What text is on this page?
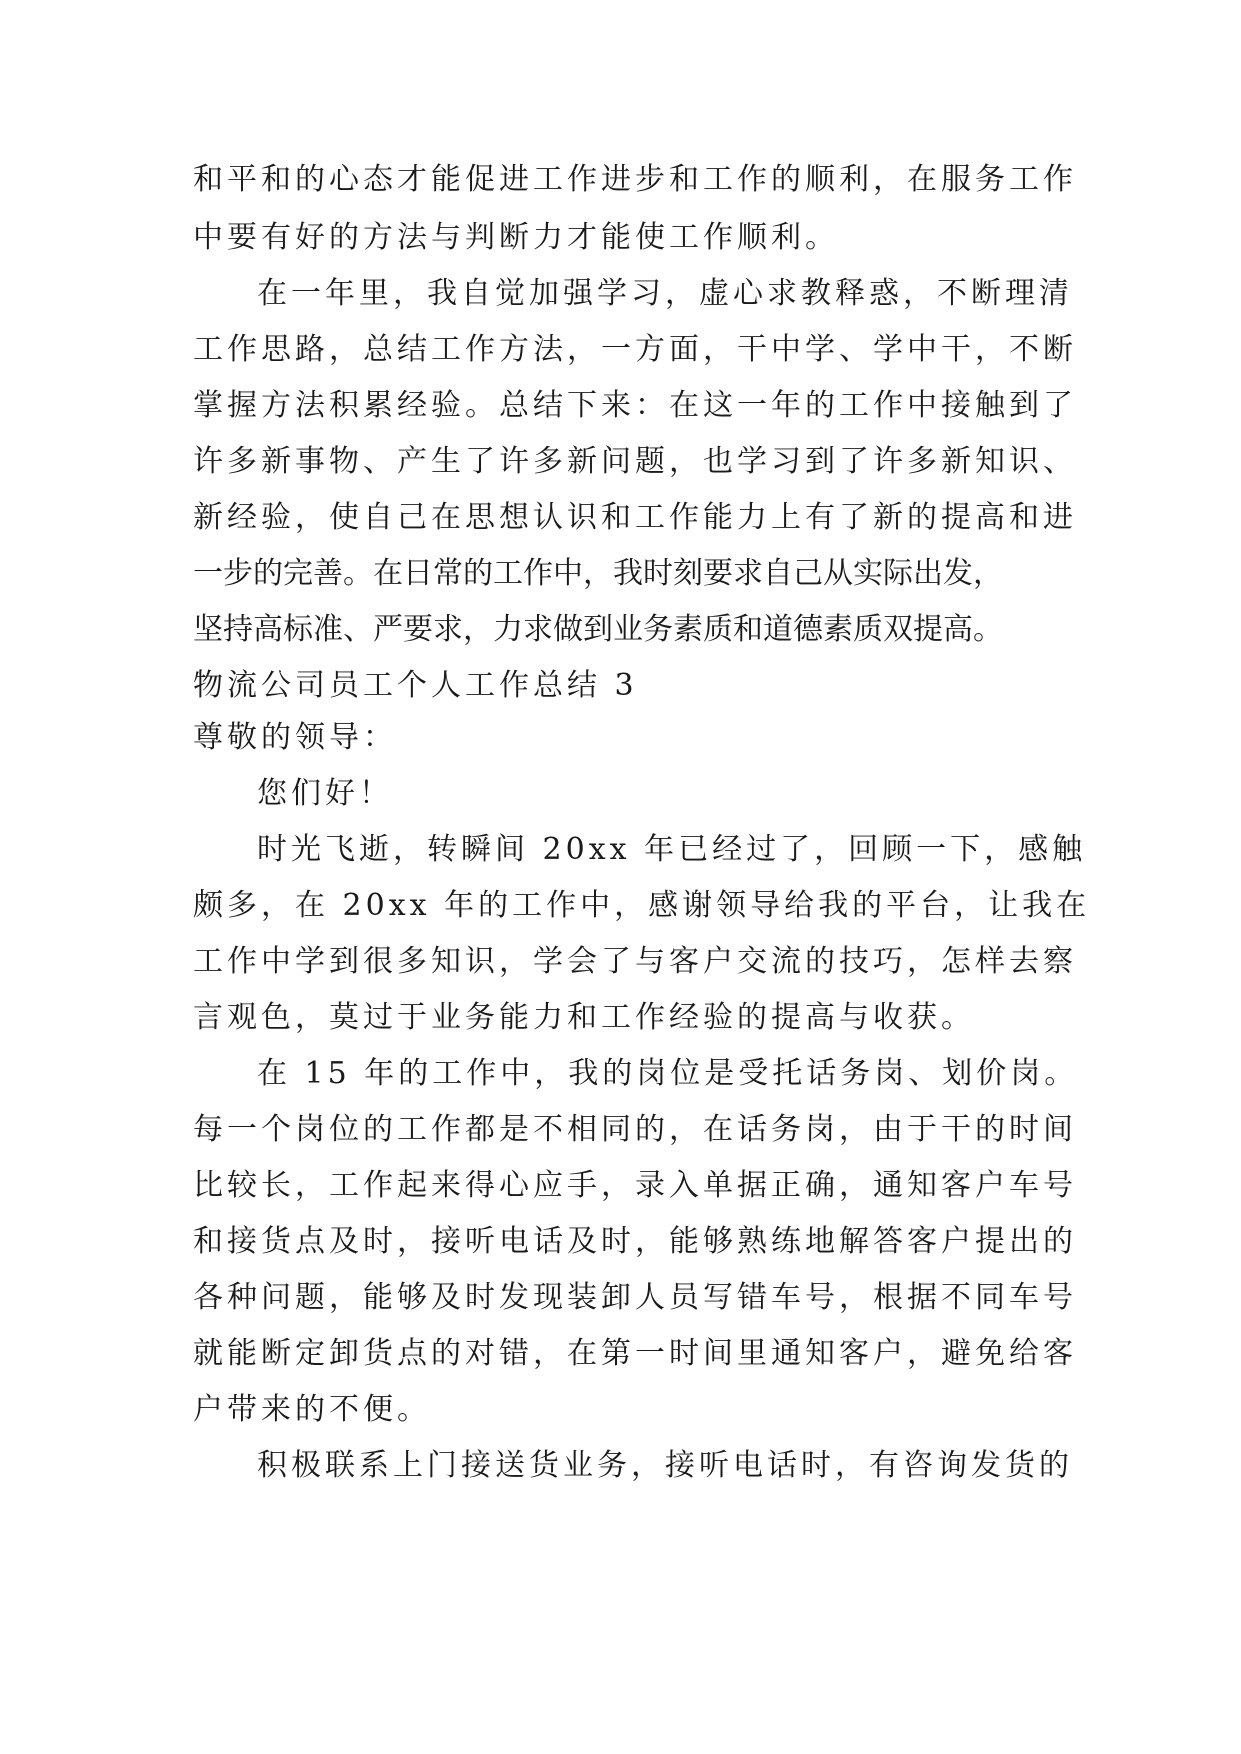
和平和的心态才能促进工作进步和工作的顺利，在服务工作
中要有好的方法与判断力才能使工作顺利。
在一年里，我自觉加强学习，虚心求教释惑，不断理清
工作思路，总结工作方法，一方面，干中学、学中干，不断
掌握方法积累经验。总结下来：在这一年的工作中接触到了
许多新事物、产生了许多新问题，也学习到了许多新知识、
新经验，使自己在思想认识和工作能力上有了新的提高和进
一步的完善。在日常的工作中，我时刻要求自己从实际出发，
坚持高标准、严要求，力求做到业务素质和道德素质双提高。
物流公司员工个人工作总结 3
尊敬的领导：
您们好！
时光飞逝，转瞬间 20xx 年已经过了，回顾一下，感触
颇多，在 20xx 年的工作中，感谢领导给我的平台，让我在
工作中学到很多知识，学会了与客户交流的技巧，怎样去察
言观色，莫过于业务能力和工作经验的提高与收获。
在 15 年的工作中，我的岗位是受托话务岗、划价岗。
每一个岗位的工作都是不相同的，在话务岗，由于干的时间
比较长，工作起来得心应手，录入单据正确，通知客户车号
和接货点及时，接听电话及时，能够熟练地解答客户提出的
各种问题，能够及时发现装卸人员写错车号，根据不同车号
就能断定卸货点的对错，在第一时间里通知客户，避免给客
户带来的不便。
积极联系上门接送货业务，接听电话时，有咨询发货的
